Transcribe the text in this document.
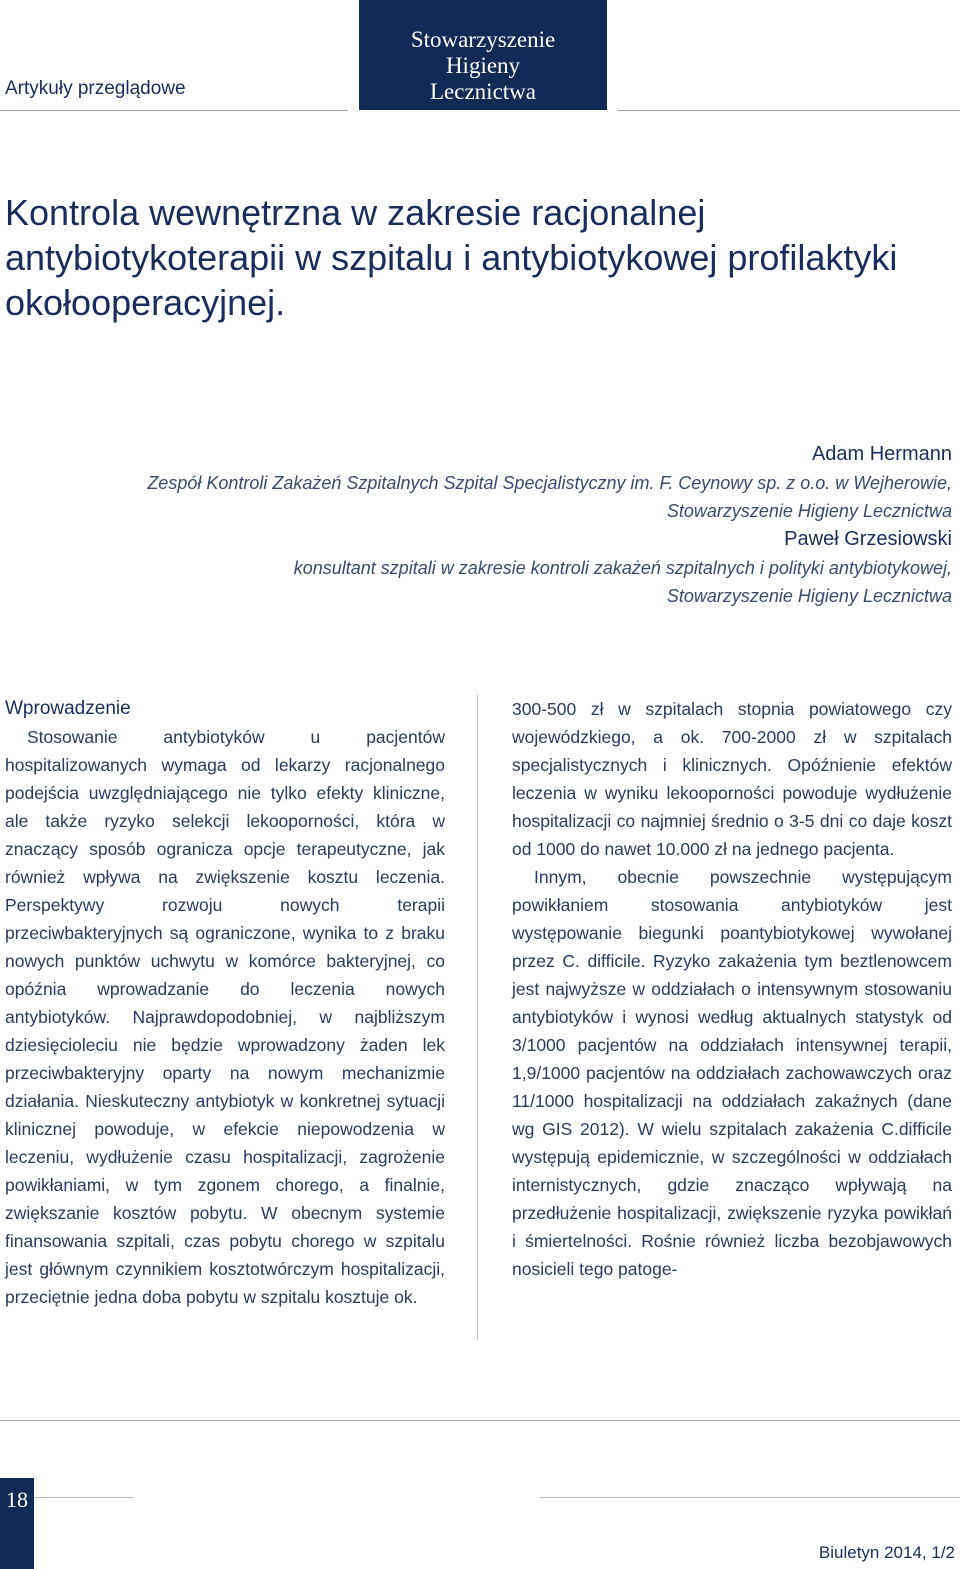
Artykuły przeglądowe
Stowarzyszenie
Higieny
Lecznictwa
Kontrola wewnętrzna w zakresie racjonalnej antybiotykoterapii w szpitalu i antybiotykowej profilaktyki okołooperacyjnej.
Adam Hermann
Zespół Kontroli Zakażeń Szpitalnych Szpital Specjalistyczny im. F. Ceynowy sp. z o.o. w Wejherowie,
Stowarzyszenie Higieny Lecznictwa
Paweł Grzesiowski
konsultant szpitali w zakresie kontroli zakażeń szpitalnych i polityki antybiotykowej,
Stowarzyszenie Higieny Lecznictwa

Wprowadzenie

Stosowanie antybiotyków u pacjentów hospitalizowanych wymaga od lekarzy racjonalnego podejścia uwzględniającego nie tylko efekty kliniczne, ale także ryzyko selekcji lekooporności, która w znaczący sposób ogranicza opcje terapeutyczne, jak również wpływa na zwiększenie kosztu leczenia. Perspektywy rozwoju nowych terapii przeciwbakteryjnych są ograniczone, wynika to z braku nowych punktów uchwytu w komórce bakteryjnej, co opóźnia wprowadzanie do leczenia nowych antybiotyków. Najprawdopodobniej, w najbliższym dziesięcioleciu nie będzie wprowadzony żaden lek przeciwbakteryjny oparty na nowym mechanizmie działania. Nieskuteczny antybiotyk w konkretnej sytuacji klinicznej powoduje, w efekcie niepowodzenia w leczeniu, wydłużenie czasu hospitalizacji, zagrożenie powikłaniami, w tym zgonem chorego, a finalnie, zwiększanie kosztów pobytu. W obecnym systemie finansowania szpitali, czas pobytu chorego w szpitalu jest głównym czynnikiem kosztotwórczym hospitalizacji, przeciętnie jedna doba pobytu w szpitalu kosztuje ok.

300-500 zł w szpitalach stopnia powiatowego czy wojewódzkiego, a ok. 700-2000 zł w szpitalach specjalistycznych i klinicznych. Opóźnienie efektów leczenia w wyniku lekooporności powoduje wydłużenie hospitalizacji co najmniej średnio o 3-5 dni co daje koszt od 1000 do nawet 10.000 zł na jednego pacjenta.

Innym, obecnie powszechnie występującym powikłaniem stosowania antybiotyków jest występowanie biegunki poantybiotykowej wywołanej przez C. difficile. Ryzyko zakażenia tym beztlenowcem jest najwyższe w oddziałach o intensywnym stosowaniu antybiotyków i wynosi według aktualnych statystyk od 3/1000 pacjentów na oddziałach intensywnej terapii, 1,9/1000 pacjentów na oddziałach zachowawczych oraz 11/1000 hospitalizacji na oddziałach zakaźnych (dane wg GIS 2012). W wielu szpitalach zakażenia C.difficile występują epidemicznie, w szczególności w oddziałach internistycznych, gdzie znacząco wpływają na przedłużenie hospitalizacji, zwiększenie ryzyka powikłań i śmiertelności. Rośnie również liczba bezobjawowych nosicieli tego patoge-

18
Biuletyn 2014, 1/2
